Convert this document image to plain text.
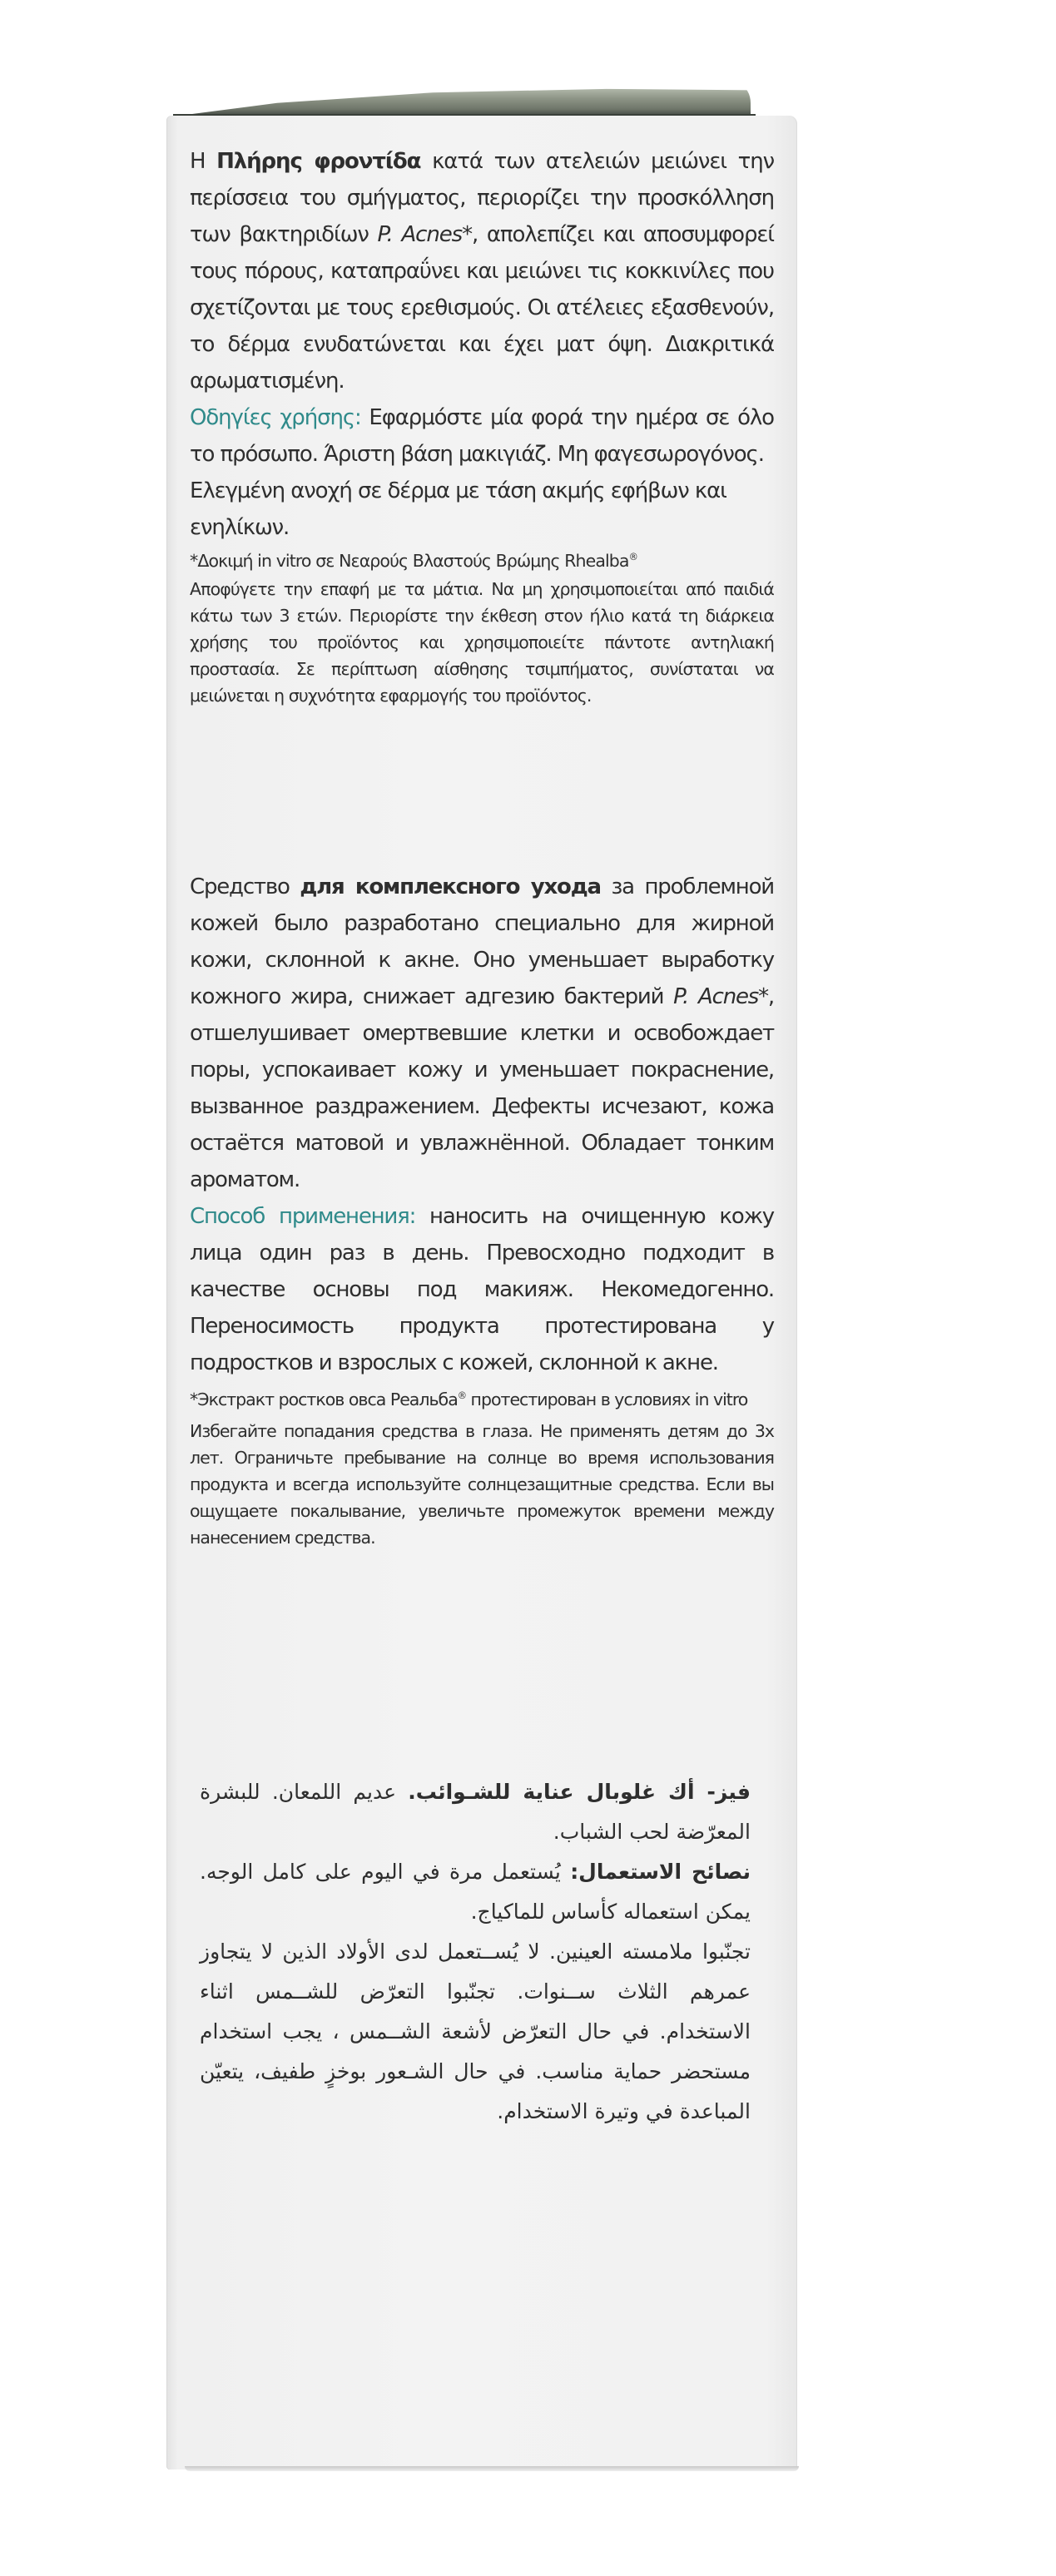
Η Πλήρης φροντίδα κατά των ατελειών μειώνει την περίσσεια του σμήγματος, περιορίζει την προσκόλληση των βακτηριδίων P. Acnes*, απολεπίζει και αποσυμφορεί τους πόρους, καταπραΰνει και μειώνει τις κοκκινίλες που σχετίζονται με τους ερεθισμούς. Οι ατέλειες εξασθενούν, το δέρμα ενυδατώνεται και έχει ματ όψη. Διακριτικά αρωματισμένη.

Οδηγίες χρήσης: Εφαρμόστε μία φορά την ημέρα σε όλο το πρόσωπο. Άριστη βάση μακιγιάζ. Μη φαγεσωρογόνος.

Ελεγμένη ανοχή σε δέρμα με τάση ακμής εφήβων και ενηλίκων.

*Δοκιμή in vitro σε Νεαρούς Βλαστούς Βρώμης Rhealba®

Αποφύγετε την επαφή με τα μάτια. Να μη χρησιμοποιείται από παιδιά κάτω των 3 ετών. Περιορίστε την έκθεση στον ήλιο κατά τη διάρκεια χρήσης του προϊόντος και χρησιμοποιείτε πάντοτε αντηλιακή προστασία. Σε περίπτωση αίσθησης τσιμπήματος, συνίσταται να μειώνεται η συχνότητα εφαρμογής του προϊόντος.

Средство для комплексного ухода за проблемной кожей было разработано специально для жирной кожи, склонной к акне. Оно уменьшает выработку кожного жира, снижает адгезию бактерий P. Acnes*, отшелушивает омертвевшие клетки и освобождает поры, успокаивает кожу и уменьшает покраснение, вызванное раздражением. Дефекты исчезают, кожа остаётся матовой и увлажнённой. Обладает тонким ароматом.

Способ применения: наносить на очищенную кожу лица один раз в день. Превосходно подходит в качестве основы под макияж. Некомедогенно. Переносимость продукта протестирована у подростков и взрослых с кожей, склонной к акне.

*Экстракт ростков овса Реальба® протестирован в условиях in vitro

Избегайте попадания средства в глаза. Не применять детям до 3х лет. Ограничьте пребывание на солнце во время использования продукта и всегда используйте солнцезащитные средства. Если вы ощущаете покалывание, увеличьте промежуток времени между нанесением средства.

فيز- أك غلوبال عناية للشـوائب. عديم اللمعان. للبشرة المعرّضة لحب الشباب.

نصائح الاستعمال: يُستعمل مرة في اليوم على كامل الوجه. يمكن استعماله كأساس للماكياج.

تجنّبوا ملامسته العينين. لا يُســتعمل لدى الأولاد الذين لا يتجاوز عمرهم الثلاث ســنوات. تجنّبوا التعرّض للشــمس اثناء الاستخدام. في حال التعرّض لأشعة الشــمس ، يجب استخدام مستحضر حماية مناسب. في حال الشـعور بوخزٍ طفيف، يتعيّن المباعدة في وتيرة الاستخدام.
